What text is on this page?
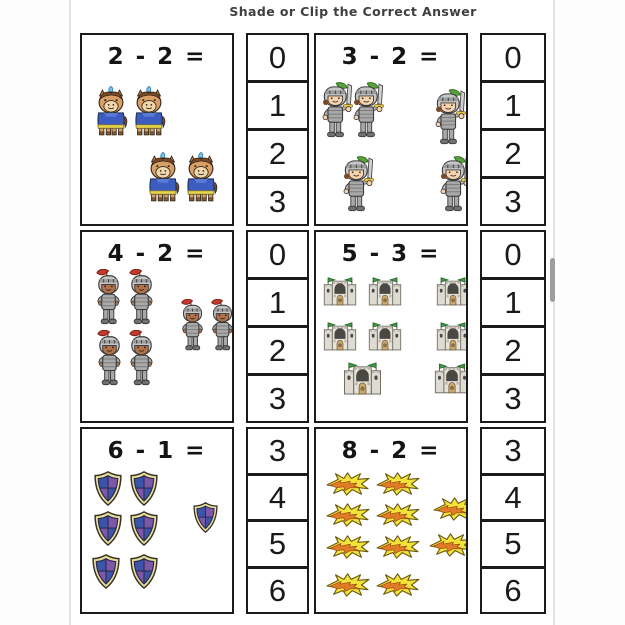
Shade or Clip the Correct Answer
2 - 2 =	0
1
2
3
3 - 2 =	0
1
2
3
4 - 2 =	0
1
2
3
5 - 3 =	0
1
2
3
6 - 1 =	3
4
5
6
8 - 2 =	3
4
5
6
